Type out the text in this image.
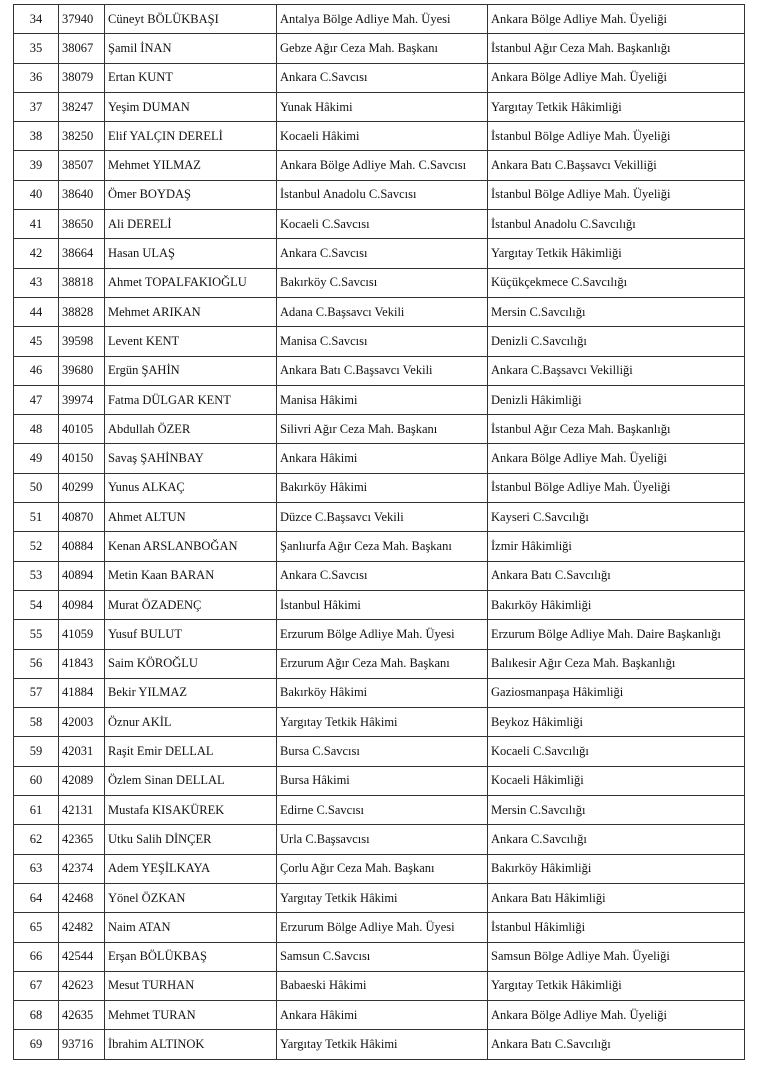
34	37940	Cüneyt BÖLÜKBAŞI	Antalya Bölge Adliye Mah. Üyesi	Ankara Bölge Adliye Mah. Üyeliği
35	38067	Şamil İNAN	Gebze Ağır Ceza Mah. Başkanı	İstanbul Ağır Ceza Mah. Başkanlığı
36	38079	Ertan KUNT	Ankara C.Savcısı	Ankara Bölge Adliye Mah. Üyeliği
37	38247	Yeşim DUMAN	Yunak Hâkimi	Yargıtay Tetkik Hâkimliği
38	38250	Elif YALÇIN DERELİ	Kocaeli Hâkimi	İstanbul Bölge Adliye Mah. Üyeliği
39	38507	Mehmet YILMAZ	Ankara Bölge Adliye Mah. C.Savcısı	Ankara Batı C.Başsavcı Vekilliği
40	38640	Ömer BOYDAŞ	İstanbul Anadolu C.Savcısı	İstanbul Bölge Adliye Mah. Üyeliği
41	38650	Ali DERELİ	Kocaeli C.Savcısı	İstanbul Anadolu C.Savcılığı
42	38664	Hasan ULAŞ	Ankara C.Savcısı	Yargıtay Tetkik Hâkimliği
43	38818	Ahmet TOPALFAKIOĞLU	Bakırköy C.Savcısı	Küçükçekmece C.Savcılığı
44	38828	Mehmet ARIKAN	Adana C.Başsavcı Vekili	Mersin C.Savcılığı
45	39598	Levent KENT	Manisa C.Savcısı	Denizli C.Savcılığı
46	39680	Ergün ŞAHİN	Ankara Batı C.Başsavcı Vekili	Ankara C.Başsavcı Vekilliği
47	39974	Fatma DÜLGAR KENT	Manisa Hâkimi	Denizli Hâkimliği
48	40105	Abdullah ÖZER	Silivri Ağır Ceza Mah. Başkanı	İstanbul Ağır Ceza Mah. Başkanlığı
49	40150	Savaş ŞAHİNBAY	Ankara Hâkimi	Ankara Bölge Adliye Mah. Üyeliği
50	40299	Yunus ALKAÇ	Bakırköy Hâkimi	İstanbul Bölge Adliye Mah. Üyeliği
51	40870	Ahmet ALTUN	Düzce C.Başsavcı Vekili	Kayseri C.Savcılığı
52	40884	Kenan ARSLANBOĞAN	Şanlıurfa Ağır Ceza Mah. Başkanı	İzmir Hâkimliği
53	40894	Metin Kaan BARAN	Ankara C.Savcısı	Ankara Batı C.Savcılığı
54	40984	Murat ÖZADENÇ	İstanbul Hâkimi	Bakırköy Hâkimliği
55	41059	Yusuf BULUT	Erzurum Bölge Adliye Mah. Üyesi	Erzurum Bölge Adliye Mah. Daire Başkanlığı
56	41843	Saim KÖROĞLU	Erzurum Ağır Ceza Mah. Başkanı	Balıkesir Ağır Ceza Mah. Başkanlığı
57	41884	Bekir YILMAZ	Bakırköy Hâkimi	Gaziosmanpaşa Hâkimliği
58	42003	Öznur AKİL	Yargıtay Tetkik Hâkimi	Beykoz Hâkimliği
59	42031	Raşit Emir DELLAL	Bursa C.Savcısı	Kocaeli C.Savcılığı
60	42089	Özlem Sinan DELLAL	Bursa Hâkimi	Kocaeli Hâkimliği
61	42131	Mustafa KISAKÜREK	Edirne C.Savcısı	Mersin C.Savcılığı
62	42365	Utku Salih DİNÇER	Urla C.Başsavcısı	Ankara C.Savcılığı
63	42374	Adem YEŞİLKAYA	Çorlu Ağır Ceza Mah. Başkanı	Bakırköy Hâkimliği
64	42468	Yönel ÖZKAN	Yargıtay Tetkik Hâkimi	Ankara Batı Hâkimliği
65	42482	Naim ATAN	Erzurum Bölge Adliye Mah. Üyesi	İstanbul Hâkimliği
66	42544	Erşan BÖLÜKBAŞ	Samsun C.Savcısı	Samsun Bölge Adliye Mah. Üyeliği
67	42623	Mesut TURHAN	Babaeski Hâkimi	Yargıtay Tetkik Hâkimliği
68	42635	Mehmet TURAN	Ankara Hâkimi	Ankara Bölge Adliye Mah. Üyeliği
69	93716	İbrahim ALTINOK	Yargıtay Tetkik Hâkimi	Ankara Batı C.Savcılığı
